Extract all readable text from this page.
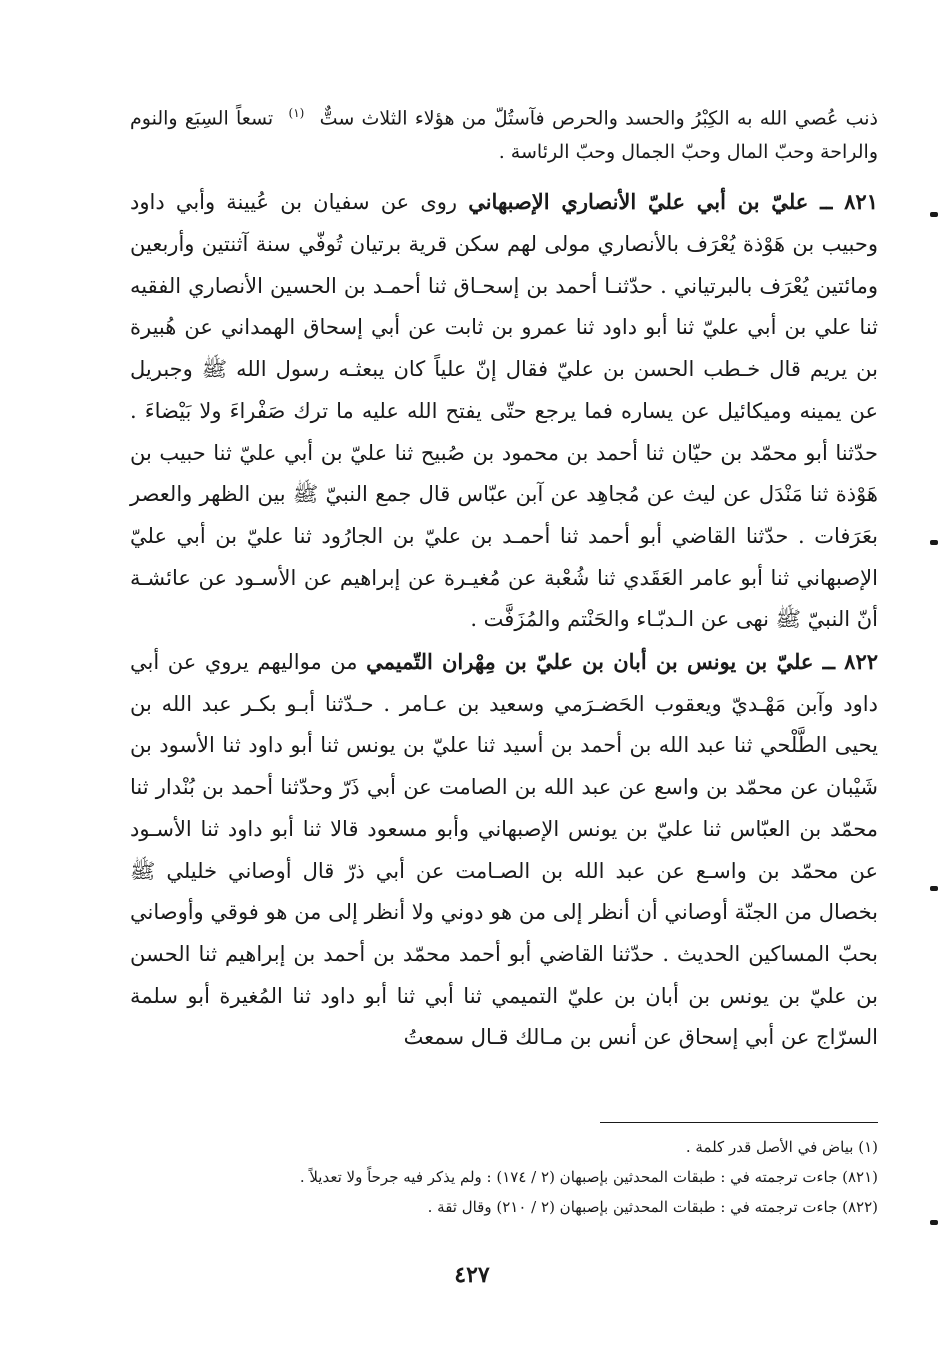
ذنب عُصي الله به الكِبْرُ والحسد والحرص فآستُلّ من هؤلاء الثلاث ستٌّ $^{(١)}$ تسعاً السِبَع والنوم والراحة وحبّ المال وحبّ الجمال وحبّ الرئاسة .

٨٢١ ــ عليّ بن أبي عليّ الأنصاري الإصبهاني روى عن سفيان بن عُيينة وأبي داود وحبيب بن هَوْذة يُعْرَف بالأنصاري مولى لهم سكن قرية برتيان تُوفّي سنة آثنتين وأربعين ومائتين يُعْرَف بالبرتياني . حدّثنـا أحمد بن إسحـاق ثنا أحمـد بن الحسين الأنصاري الفقيه ثنا علي بن أبي عليّ ثنا أبو داود ثنا عمرو بن ثابت عن أبي إسحاق الهمداني عن هُبيرة بن يريم قال خـطب الحسن بن عليّ فقال إنّ علياً كان يبعثـه رسول الله ﷺ وجبريل عن يمينه وميكائيل عن يساره فما يرجع حتّى يفتح الله عليه ما ترك صَفْراءَ ولا بَيْضاءَ . حدّثنا أبو محمّد بن حيّان ثنا أحمد بن محمود بن صُبيح ثنا عليّ بن أبي عليّ ثنا حبيب بن هَوْذة ثنا مَنْدَل عن ليث عن مُجاهِد عن آبن عبّاس قال جمع النبيّ ﷺ بين الظهر والعصر بعَرَفات . حدّثنا القاضي أبو أحمد ثنا أحمـد بن عليّ بن الجارُود ثنا عليّ بن أبي عليّ الإصبهاني ثنا أبو عامر العَقَدي ثنا شُعْبة عن مُغيـرة عن إبراهيم عن الأسـود عن عائشـة أنّ النبيّ ﷺ نهى عن الـدبّـاء والحَنْتم والمُزَفَّت .

٨٢٢ ــ عليّ بن يونس بن أبان بن عليّ بن مِهْران التّميمي من مواليهم يروي عن أبي داود وآبن مَهْـديّ ويعقوب الحَضـرَمي وسعيد بن عـامر . حـدّثنا أبـو بكـر عبد الله بن يحيى الطَّلْحي ثنا عبد الله بن أحمد بن أسيد ثنا عليّ بن يونس ثنا أبو داود ثنا الأسود بن شَيْبان عن محمّد بن واسع عن عبد الله بن الصامت عن أبي ذَرّ وحدّثنا أحمد بن بُنْدار ثنا محمّد بن العبّاس ثنا عليّ بن يونس الإصبهاني وأبو مسعود قالا ثنا أبو داود ثنا الأسـود عن محمّد بن واسـع عن عبد الله بن الصـامت عن أبي ذرّ قال أوصاني خليلي ﷺ بخصال من الجنّة أوصاني أن أنظر إلى من هو دوني ولا أنظر إلى من هو فوقي وأوصاني بحبّ المساكين الحديث . حدّثنا القاضي أبو أحمد محمّد بن أحمد بن إبراهيم ثنا الحسن بن عليّ بن يونس بن أبان بن عليّ التميمي ثنا أبي ثنا أبو داود ثنا المُغيرة أبو سلمة السرّاج عن أبي إسحاق عن أنس بن مـالك قـال سمعتُ

(١) بياض في الأصل قدر كلمة .

(٨٢١) جاءت ترجمته في : طبقات المحدثين بإصبهان (٢ / ١٧٤) : ولم يذكر فيه جرحاً ولا تعديلاً .

(٨٢٢) جاءت ترجمته في : طبقات المحدثين بإصبهان (٢ / ٢١٠) وقال ثقة .

٤٢٧
